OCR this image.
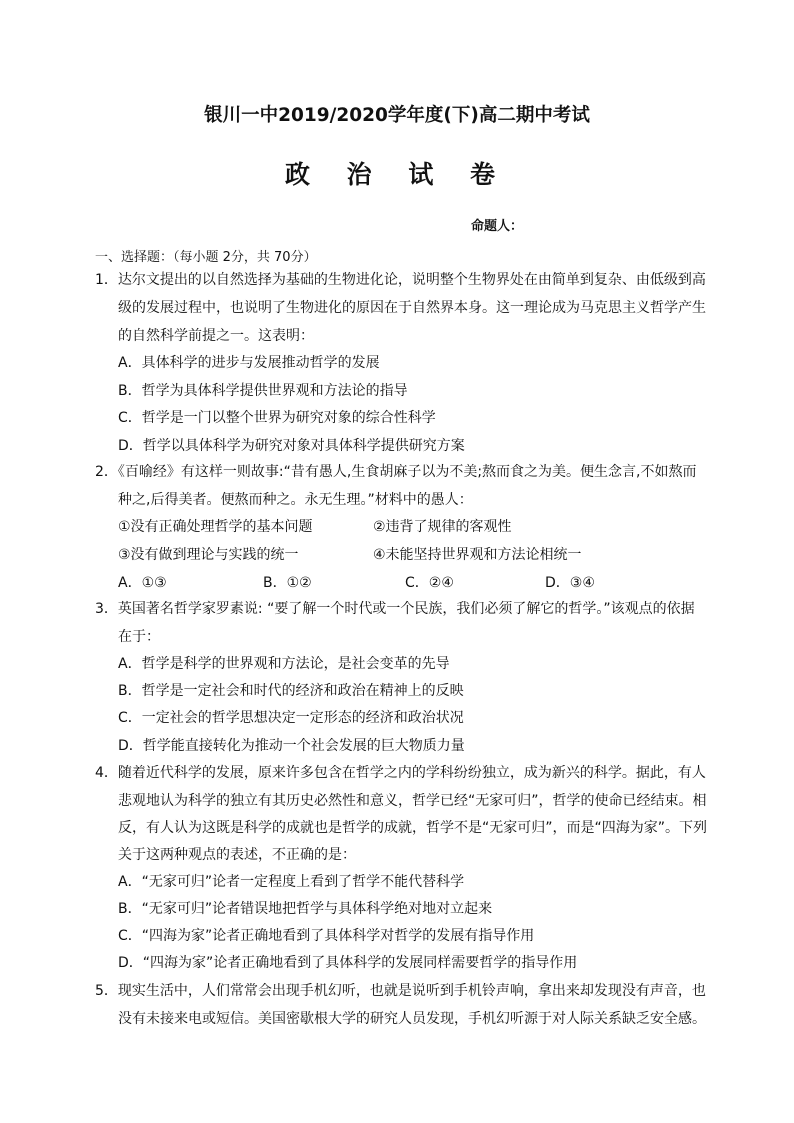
银川一中2019/2020学年度(下)高二期中考试
政 治 试 卷
命题人：
一、选择题：（每小题 2分，共 70分）
1．达尔文提出的以自然选择为基础的生物进化论，说明整个生物界处在由简单到复杂、由低级到高
级的发展过程中，也说明了生物进化的原因在于自然界本身。这一理论成为马克思主义哲学产生
的自然科学前提之一。这表明：
A．具体科学的进步与发展推动哲学的发展
B．哲学为具体科学提供世界观和方法论的指导
C．哲学是一门以整个世界为研究对象的综合性科学
D．哲学以具体科学为研究对象对具体科学提供研究方案
2．《百喻经》有这样一则故事:“昔有愚人,生食胡麻子以为不美;熬而食之为美。便生念言,不如熬而
种之,后得美者。便熬而种之。永无生理。”材料中的愚人：
①没有正确处理哲学的基本问题	②违背了规律的客观性
③没有做到理论与实践的统一	④未能坚持世界观和方法论相统一
A．①③	B．①②	C．②④	D．③④
3．英国著名哲学家罗素说: “要了解一个时代或一个民族，我们必须了解它的哲学。”该观点的依据
在于：
A．哲学是科学的世界观和方法论，是社会变革的先导
B．哲学是一定社会和时代的经济和政治在精神上的反映
C．一定社会的哲学思想决定一定形态的经济和政治状况
D．哲学能直接转化为推动一个社会发展的巨大物质力量
4．随着近代科学的发展，原来许多包含在哲学之内的学科纷纷独立，成为新兴的科学。据此，有人
悲观地认为科学的独立有其历史必然性和意义，哲学已经“无家可归”，哲学的使命已经结束。相
反，有人认为这既是科学的成就也是哲学的成就，哲学不是“无家可归”，而是“四海为家”。下列
关于这两种观点的表述，不正确的是：
A．“无家可归”论者一定程度上看到了哲学不能代替科学
B．“无家可归”论者错误地把哲学与具体科学绝对地对立起来
C．“四海为家”论者正确地看到了具体科学对哲学的发展有指导作用
D．“四海为家”论者正确地看到了具体科学的发展同样需要哲学的指导作用
5．现实生活中，人们常常会出现手机幻听，也就是说听到手机铃声响，拿出来却发现没有声音，也
没有未接来电或短信。美国密歇根大学的研究人员发现，手机幻听源于对人际关系缺乏安全感。
